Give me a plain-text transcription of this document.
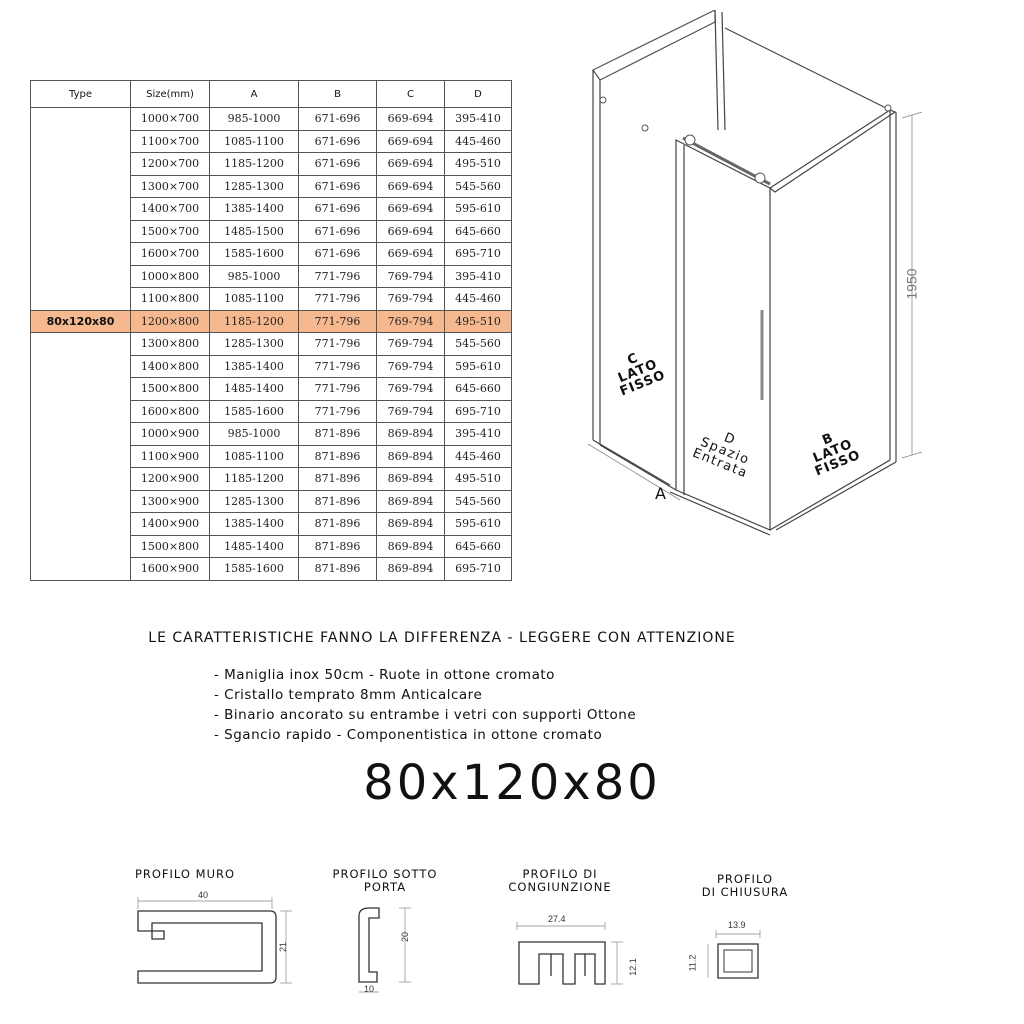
Type	Size(mm)	A	B	C	D
	1000×700	985-1000	671-696	669-694	395-410
	1100×700	1085-1100	671-696	669-694	445-460
	1200×700	1185-1200	671-696	669-694	495-510
	1300×700	1285-1300	671-696	669-694	545-560
	1400×700	1385-1400	671-696	669-694	595-610
	1500×700	1485-1500	671-696	669-694	645-660
	1600×700	1585-1600	671-696	669-694	695-710
	1000×800	985-1000	771-796	769-794	395-410
	1100×800	1085-1100	771-796	769-794	445-460
80x120x80	1200×800	1185-1200	771-796	769-794	495-510
	1300×800	1285-1300	771-796	769-794	545-560
	1400×800	1385-1400	771-796	769-794	595-610
	1500×800	1485-1400	771-796	769-794	645-660
	1600×800	1585-1600	771-796	769-794	695-710
	1000×900	985-1000	871-896	869-894	395-410
	1100×900	1085-1100	871-896	869-894	445-460
	1200×900	1185-1200	871-896	869-894	495-510
	1300×900	1285-1300	871-896	869-894	545-560
	1400×900	1385-1400	871-896	869-894	595-610
	1500×800	1485-1400	871-896	869-894	645-660
	1600×900	1585-1600	871-896	869-894	695-710
C
LATO
FISSO
D
Spazio
Entrata
B
LATO
FISSO
A
1950
LE CARATTERISTICHE FANNO LA DIFFERENZA - LEGGERE CON ATTENZIONE
- Maniglia inox 50cm - Ruote in ottone cromato
- Cristallo temprato 8mm Anticalcare
- Binario ancorato su entrambe i vetri con supporti Ottone
- Sgancio rapido - Componentistica in ottone cromato
80x120x80
PROFILO MURO
40
21
PROFILO SOTTO
PORTA
20
10
PROFILO DI
CONGIUNZIONE
27.4
12.1
PROFILO
DI CHIUSURA
13.9
11.2
